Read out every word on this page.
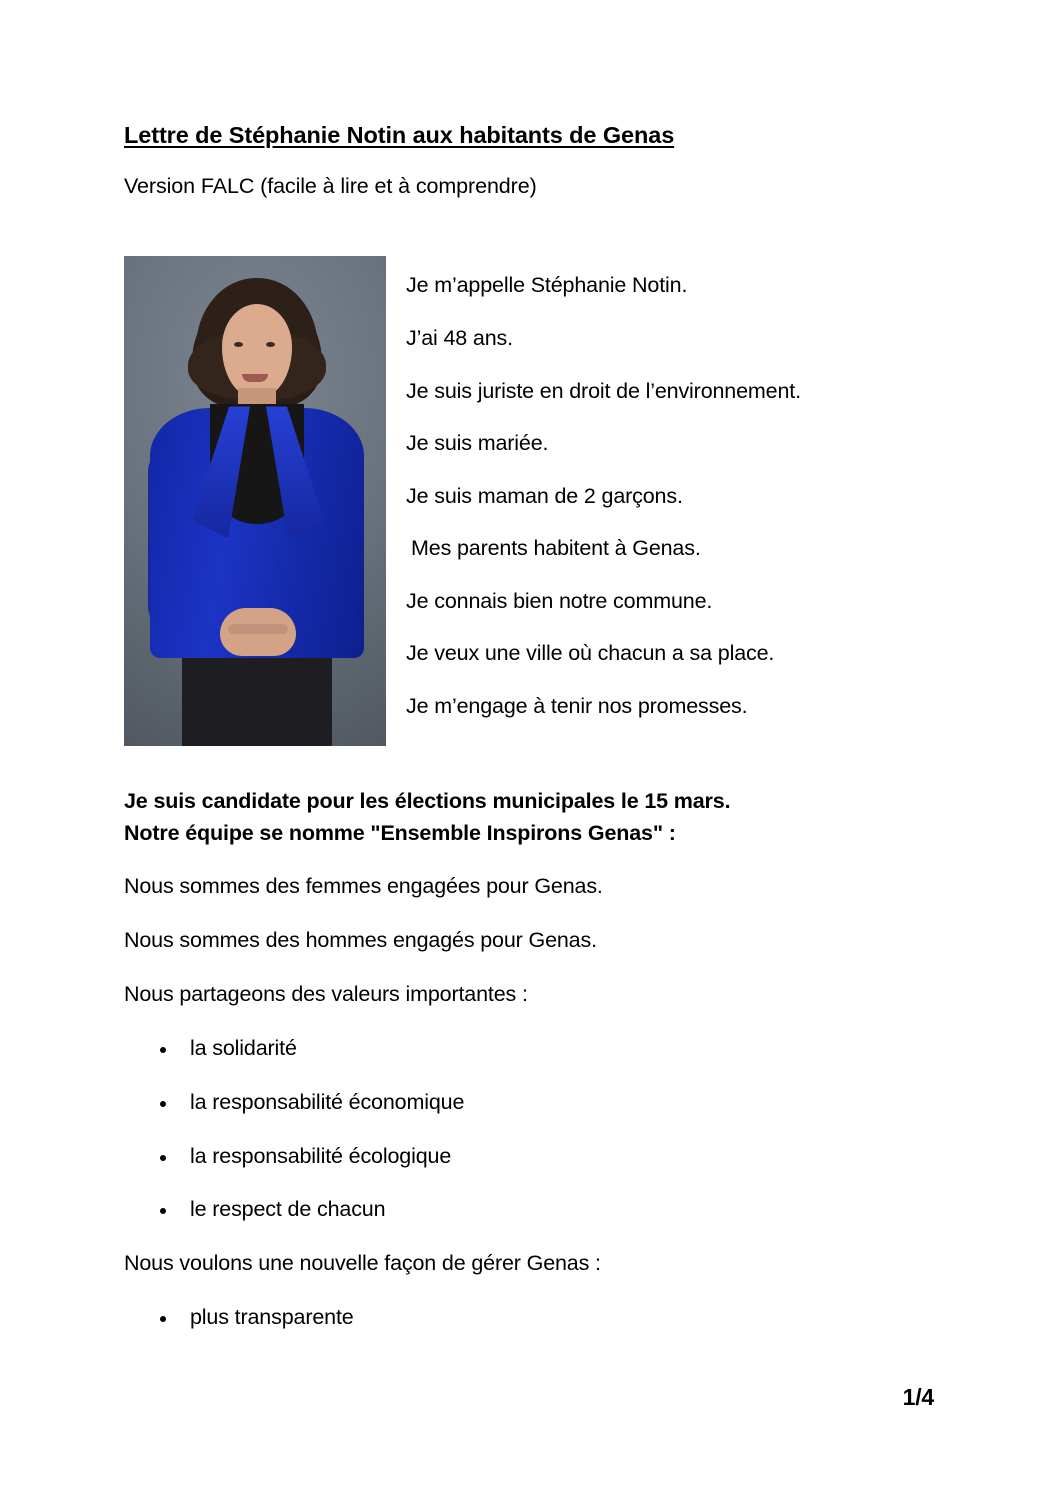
Lettre de Stéphanie Notin aux habitants de Genas

Version FALC (facile à lire et à comprendre)

Je m’appelle Stéphanie Notin.

J’ai 48 ans.

Je suis juriste en droit de l’environnement.

Je suis mariée.

Je suis maman de 2 garçons.

Mes parents habitent à Genas.

Je connais bien notre commune.

Je veux une ville où chacun a sa place.

Je m’engage à tenir nos promesses.

Je suis candidate pour les élections municipales le 15 mars.
Notre équipe se nomme "Ensemble Inspirons Genas" :

Nous sommes des femmes engagées pour Genas.

Nous sommes des hommes engagés pour Genas.

Nous partageons des valeurs importantes :

la solidarité
la responsabilité économique
la responsabilité écologique
le respect de chacun

Nous voulons une nouvelle façon de gérer Genas :

plus transparente
1/4
